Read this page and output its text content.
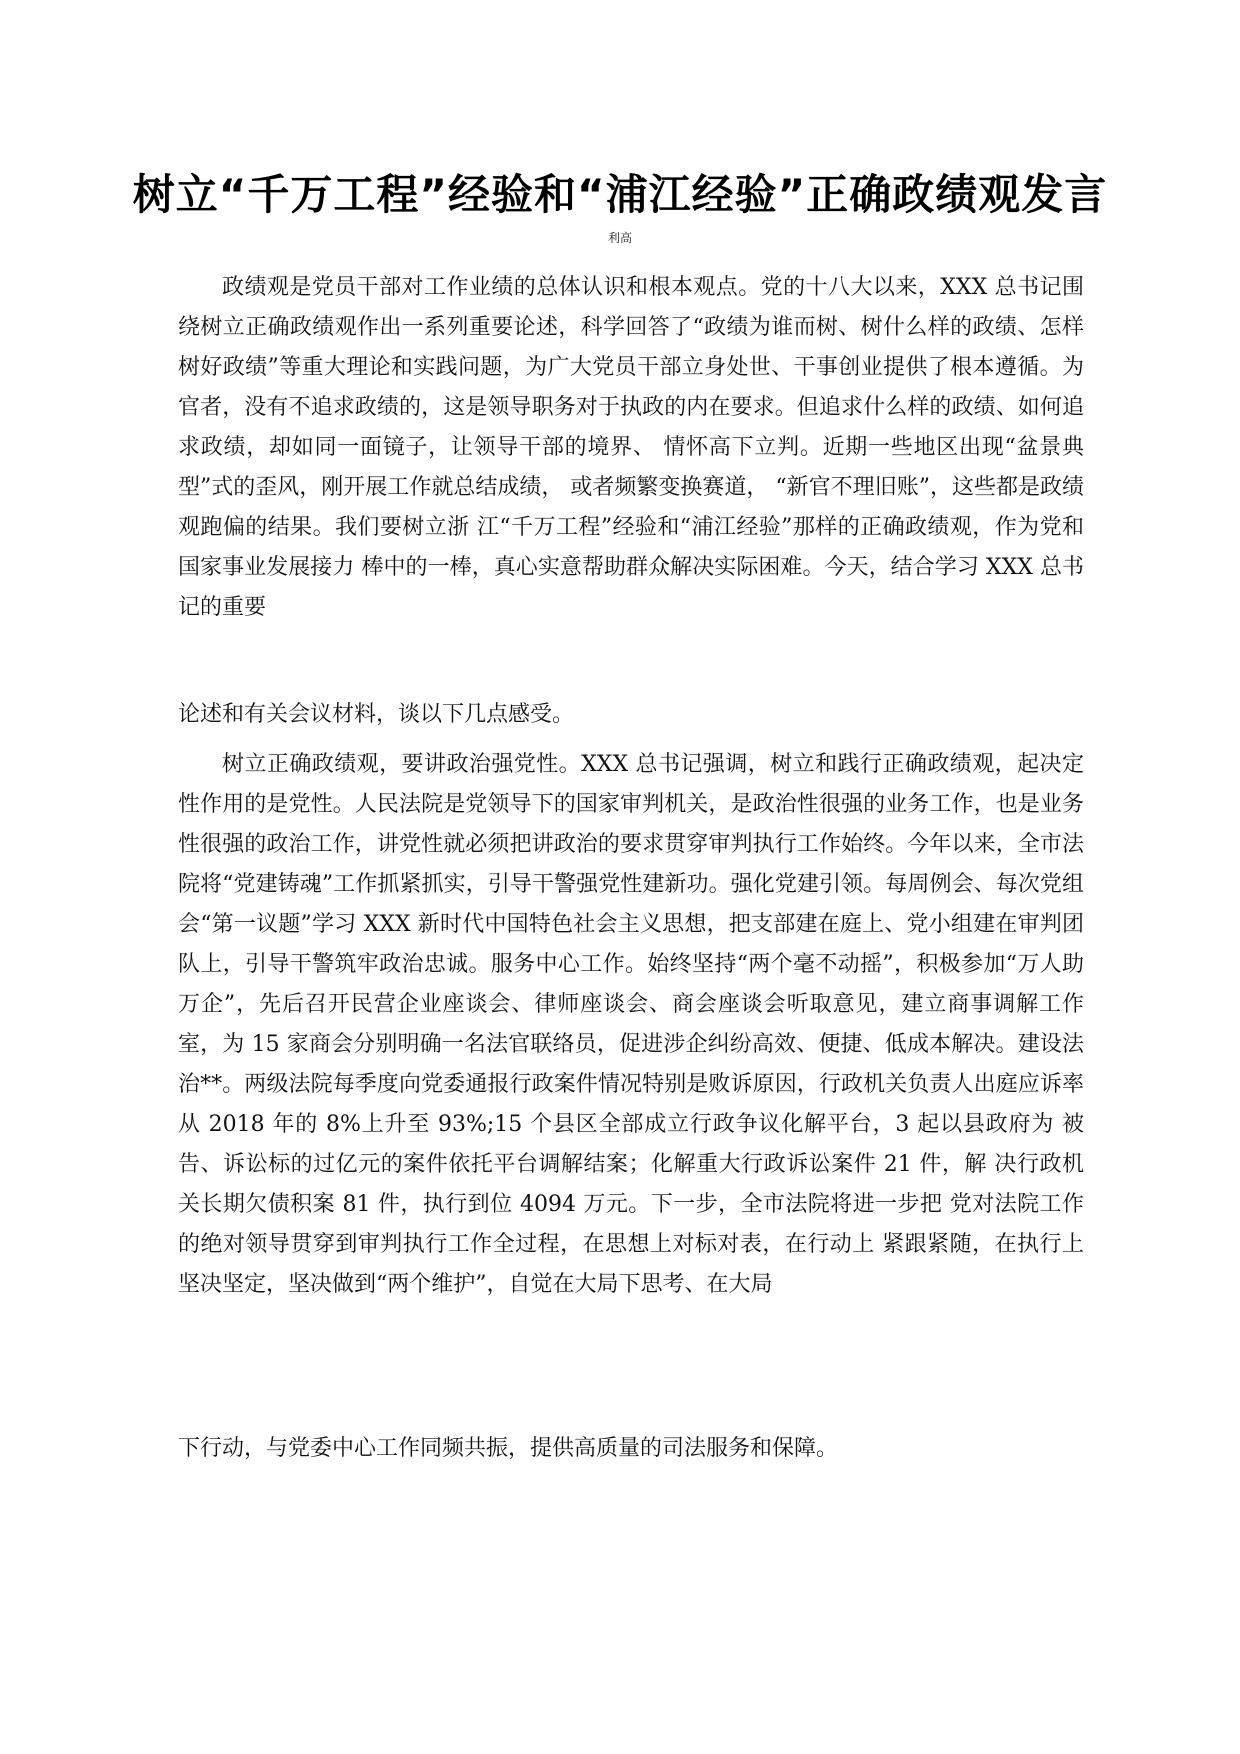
树立“千万工程”经验和“浦江经验”正确政绩观发言
利高

政绩观是党员干部对工作业绩的总体认识和根本观点。党的十八大以来，XXX 总书记围绕树立正确政绩观作出一系列重要论述，科学回答了“政绩为谁而树、树什么样的政绩、怎样树好政绩”等重大理论和实践问题，为广大党员干部立身处世、干事创业提供了根本遵循。为官者，没有不追求政绩的，这是领导职务对于执政的内在要求。但追求什么样的政绩、如何追求政绩，却如同一面镜子，让领导干部的境界、 情怀高下立判。近期一些地区出现“盆景典型”式的歪风，刚开展工作就总结成绩， 或者频繁变换赛道， “新官不理旧账”，这些都是政绩观跑偏的结果。我们要树立浙 江“千万工程”经验和“浦江经验”那样的正确政绩观，作为党和国家事业发展接力 棒中的一棒，真心实意帮助群众解决实际困难。今天，结合学习 XXX 总书记的重要

论述和有关会议材料，谈以下几点感受。

树立正确政绩观，要讲政治强党性。XXX 总书记强调，树立和践行正确政绩观，起决定性作用的是党性。人民法院是党领导下的国家审判机关，是政治性很强的业务工作，也是业务性很强的政治工作，讲党性就必须把讲政治的要求贯穿审判执行工作始终。今年以来，全市法院将“党建铸魂”工作抓紧抓实，引导干警强党性建新功。强化党建引领。每周例会、每次党组会“第一议题”学习 XXX 新时代中国特色社会主义思想，把支部建在庭上、党小组建在审判团队上，引导干警筑牢政治忠诚。服务中心工作。始终坚持“两个毫不动摇”，积极参加“万人助万企”，先后召开民营企业座谈会、律师座谈会、商会座谈会听取意见，建立商事调解工作室，为 15 家商会分别明确一名法官联络员，促进涉企纠纷高效、便捷、低成本解决。建设法治**。两级法院每季度向党委通报行政案件情况特别是败诉原因，行政机关负责人出庭应诉率从 2018 年的 8%上升至 93%;15 个县区全部成立行政争议化解平台，3 起以县政府为 被告、诉讼标的过亿元的案件依托平台调解结案；化解重大行政诉讼案件 21 件，解 决行政机关长期欠债积案 81 件，执行到位 4094 万元。下一步，全市法院将进一步把 党对法院工作的绝对领导贯穿到审判执行工作全过程，在思想上对标对表，在行动上 紧跟紧随，在执行上坚决坚定，坚决做到“两个维护”，自觉在大局下思考、在大局

下行动，与党委中心工作同频共振，提供高质量的司法服务和保障。
